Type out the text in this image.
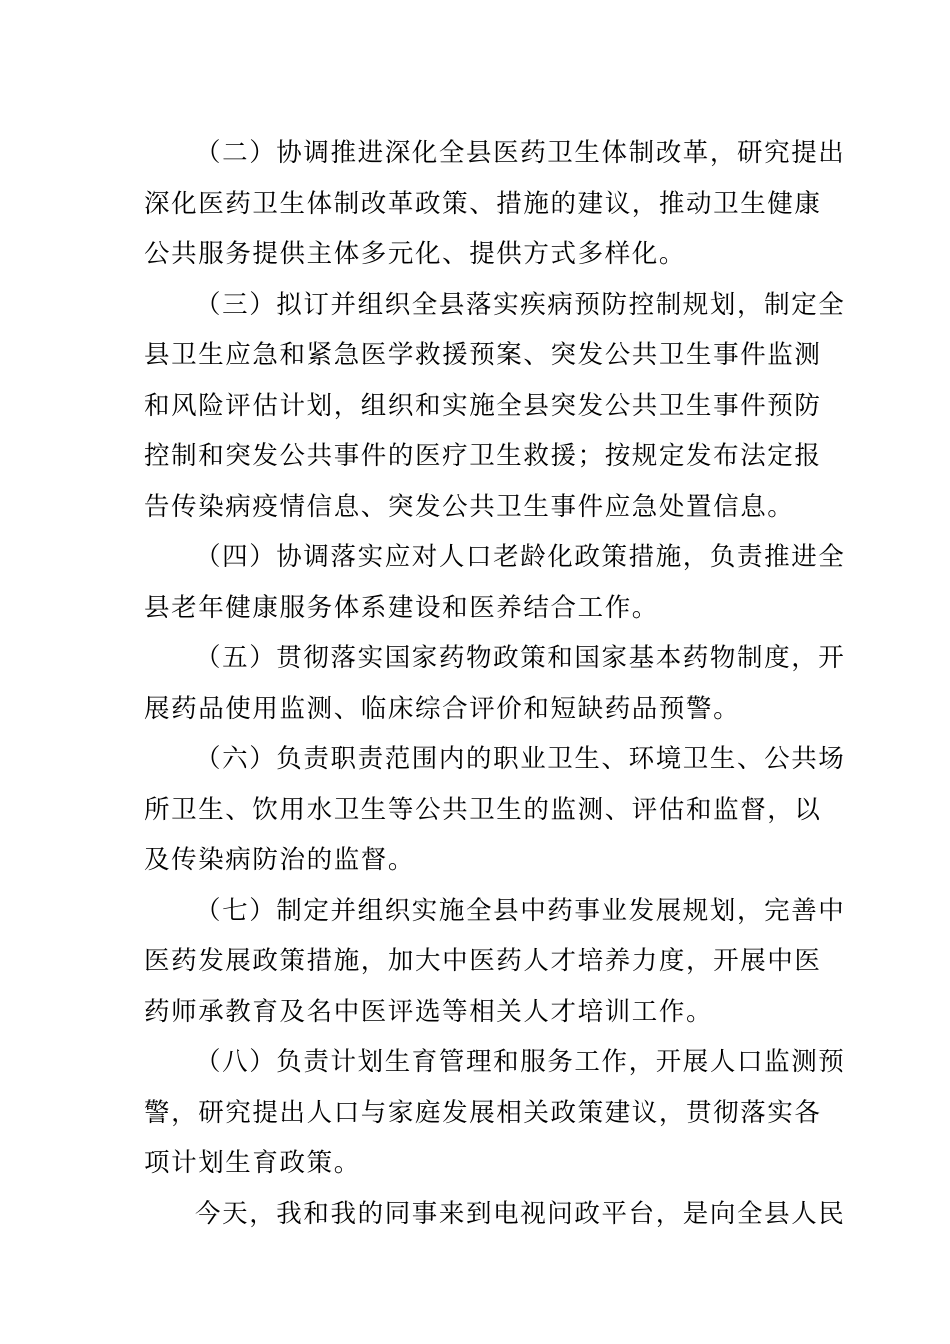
（二）协调推进深化全县医药卫生体制改革，研究提出
深化医药卫生体制改革政策、措施的建议，推动卫生健康
公共服务提供主体多元化、提供方式多样化。

（三）拟订并组织全县落实疾病预防控制规划，制定全
县卫生应急和紧急医学救援预案、突发公共卫生事件监测
和风险评估计划，组织和实施全县突发公共卫生事件预防
控制和突发公共事件的医疗卫生救援；按规定发布法定报
告传染病疫情信息、突发公共卫生事件应急处置信息。

（四）协调落实应对人口老龄化政策措施，负责推进全
县老年健康服务体系建设和医养结合工作。

（五）贯彻落实国家药物政策和国家基本药物制度，开
展药品使用监测、临床综合评价和短缺药品预警。

（六）负责职责范围内的职业卫生、环境卫生、公共场
所卫生、饮用水卫生等公共卫生的监测、评估和监督，以
及传染病防治的监督。

（七）制定并组织实施全县中药事业发展规划，完善中
医药发展政策措施，加大中医药人才培养力度，开展中医
药师承教育及名中医评选等相关人才培训工作。

（八）负责计划生育管理和服务工作，开展人口监测预
警，研究提出人口与家庭发展相关政策建议，贯彻落实各
项计划生育政策。

今天，我和我的同事来到电视问政平台，是向全县人民
